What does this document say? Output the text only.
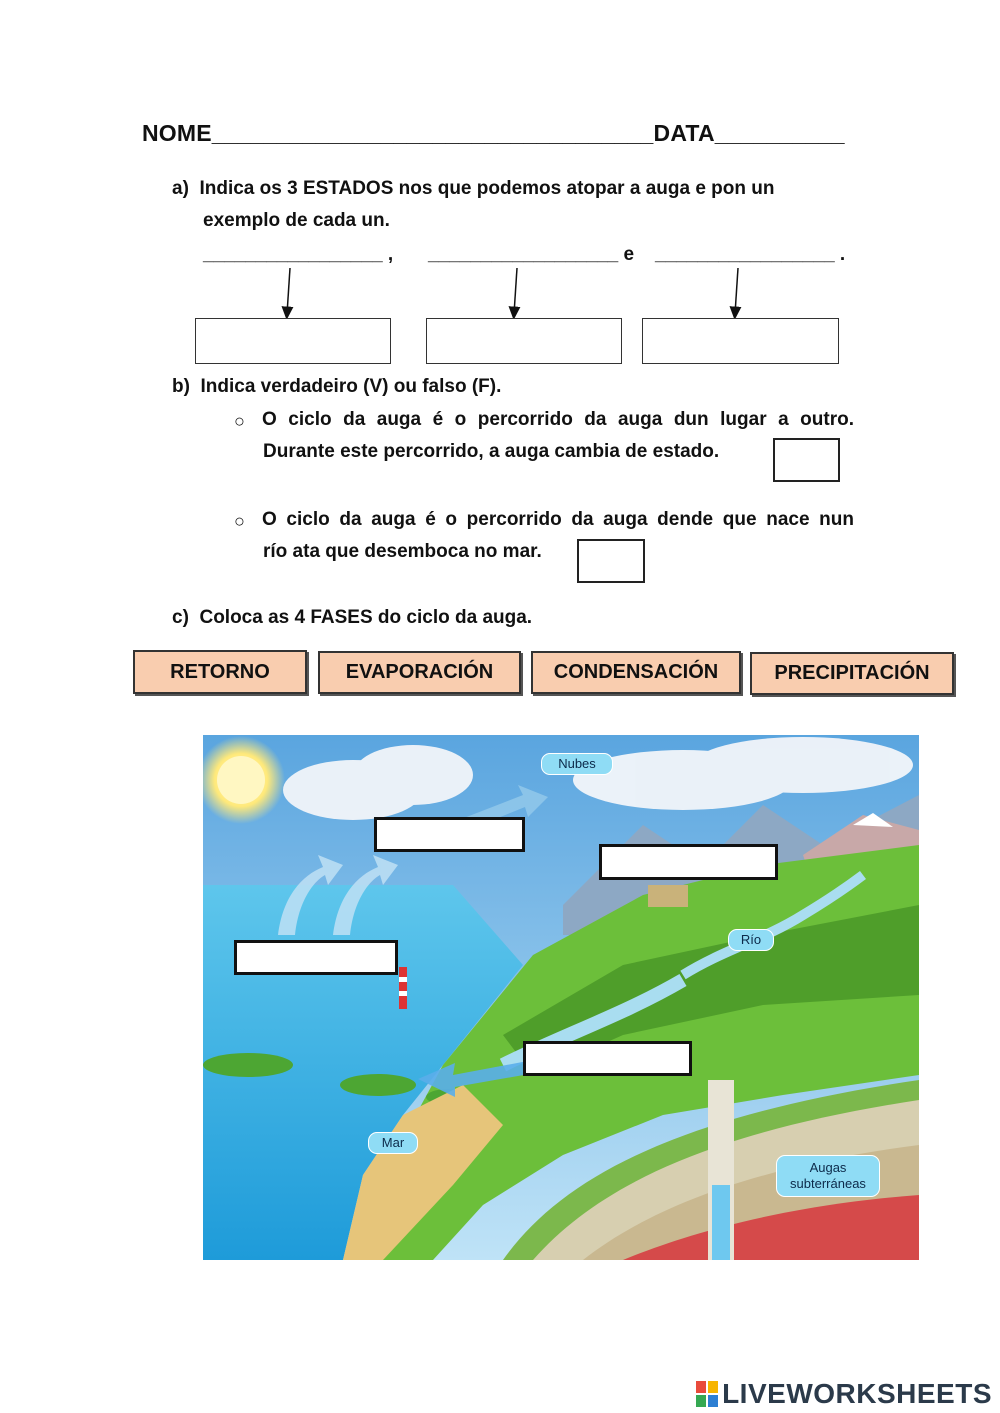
NOME__________________________________DATA__________
a) Indica os 3 ESTADOS nos que podemos atopar a auga e pon un
exemplo de cada un.
_________________ , __________________ e _________________ .
b) Indica verdadeiro (V) ou falso (F).
○ O ciclo da auga é o percorrido da auga dun lugar a outro.
Durante este percorrido, a auga cambia de estado.
○ O ciclo da auga é o percorrido da auga dende que nace nun
río ata que desemboca no mar.
c) Coloca as 4 FASES do ciclo da auga.
RETORNO	EVAPORACIÓN	CONDENSACIÓN	PRECIPITACIÓN
Nubes
Río
Mar
Augas subterráneas
LIVEWORKSHEETS
